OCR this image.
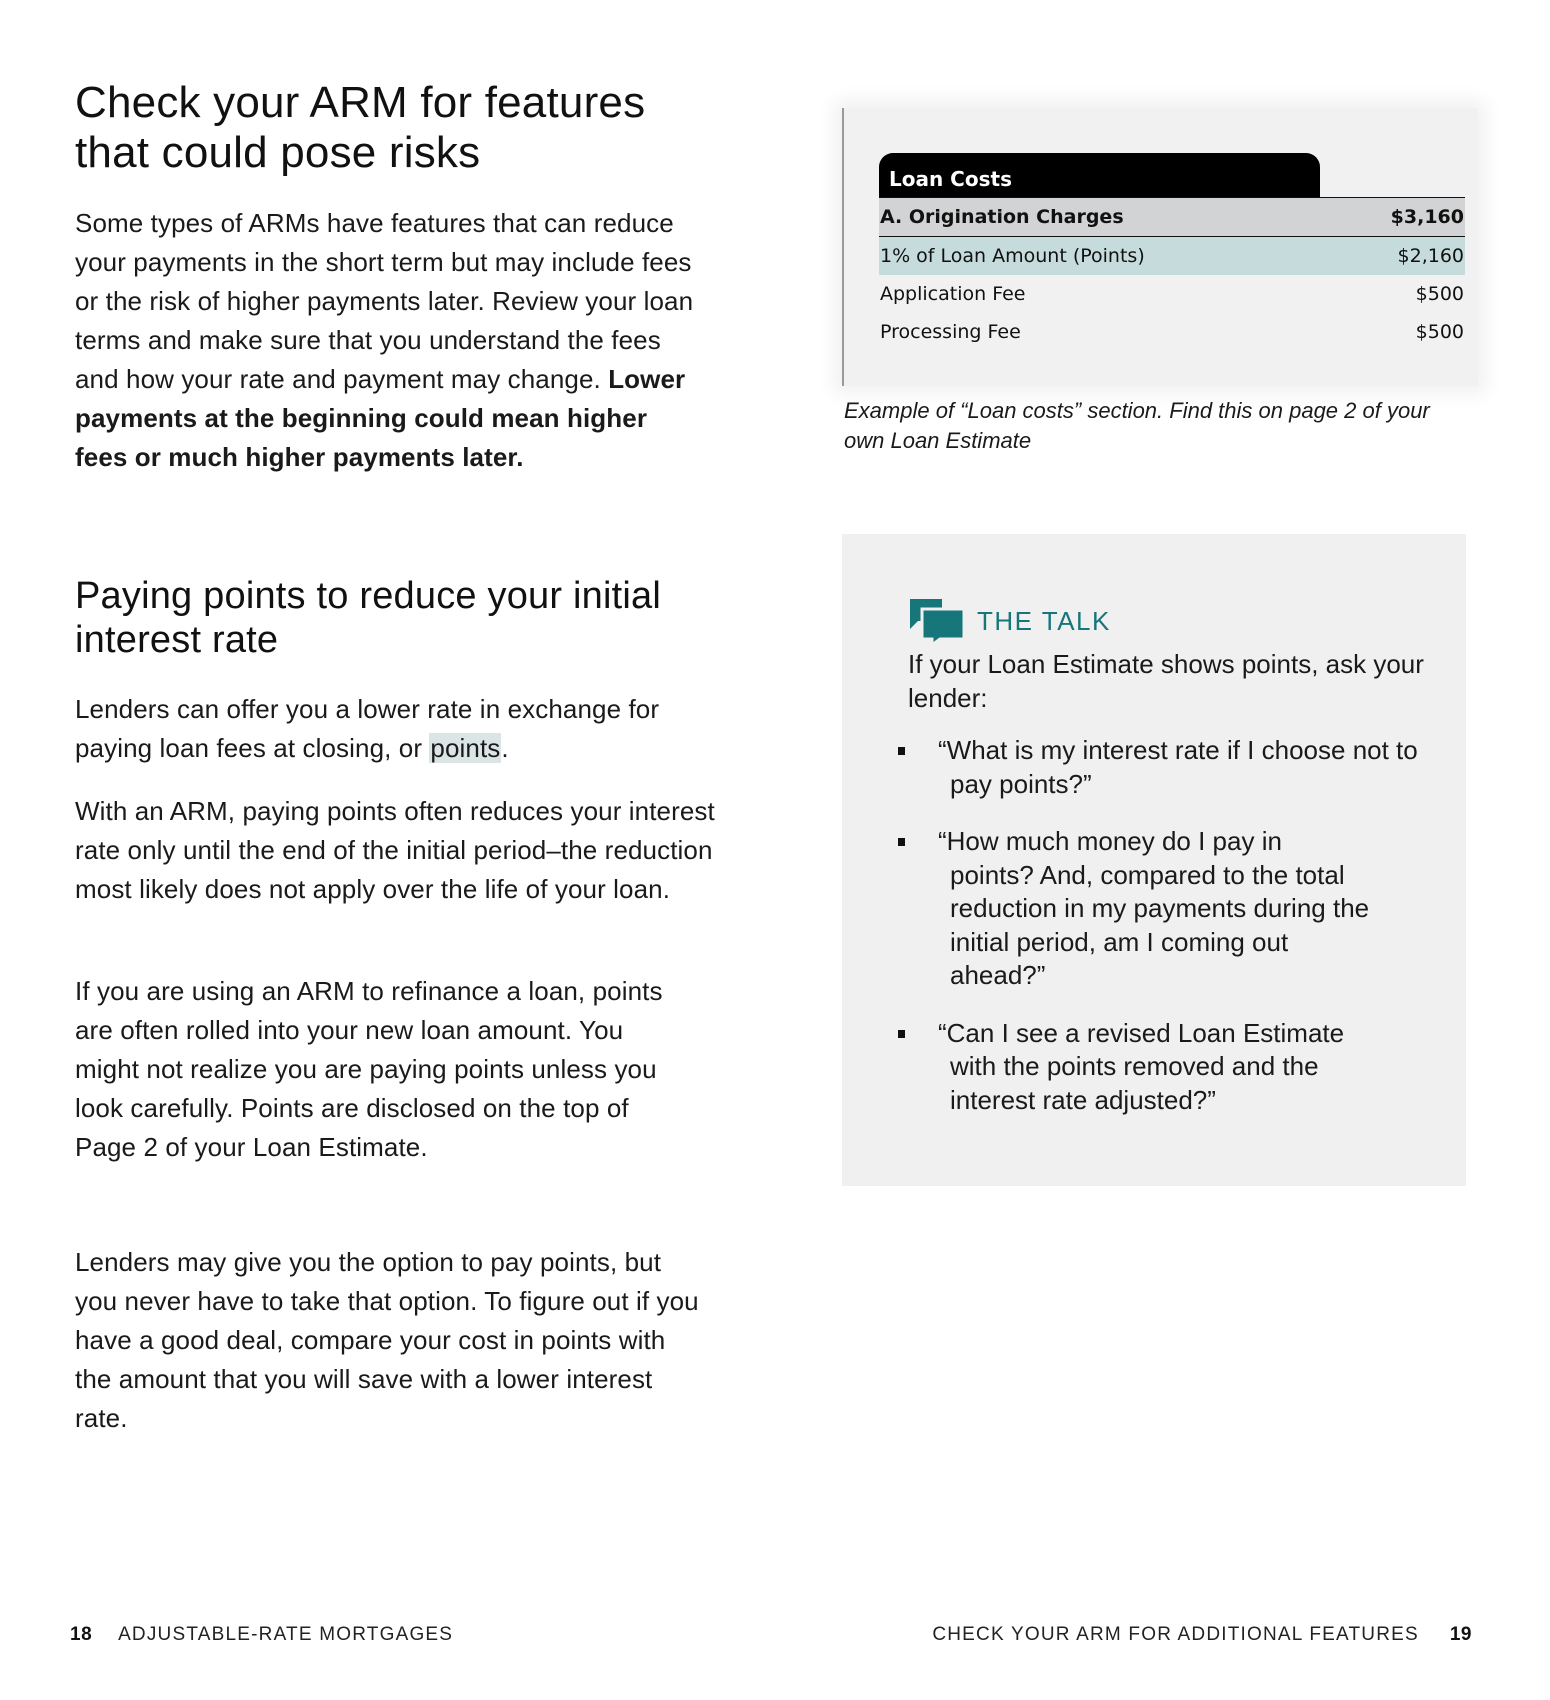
Check your ARM for features that could pose risks

Some types of ARMs have features that can reduce your payments in the short term but may include fees or the risk of higher payments later. Review your loan terms and make sure that you understand the fees and how your rate and payment may change. Lower payments at the beginning could mean higher fees or much higher payments later.

Paying points to reduce your initial interest rate

Lenders can offer you a lower rate in exchange for paying loan fees at closing, or points.

With an ARM, paying points often reduces your interest rate only until the end of the initial period–the reduction most likely does not apply over the life of your loan.

If you are using an ARM to refinance a loan, points are often rolled into your new loan amount. You might not realize you are paying points unless you look carefully. Points are disclosed on the top of Page 2 of your Loan Estimate.

Lenders may give you the option to pay points, but you never have to take that option. To figure out if you have a good deal, compare your cost in points with the amount that you will save with a lower interest rate.

Loan Costs
A. Origination Charges	$3,160
1% of Loan Amount (Points)	$2,160
Application Fee	$500
Processing Fee	$500
Example of “Loan costs” section. Find this on page 2 of your own Loan Estimate
THE TALK
If your Loan Estimate shows points, ask your lender:
“What is my interest rate if I choose not to pay points?”
“How much money do I pay in points? And, compared to the total reduction in my payments during the initial period, am I coming out ahead?”
“Can I see a revised Loan Estimate with the points removed and the interest rate adjusted?”
18 ADJUSTABLE-RATE MORTGAGES	CHECK YOUR ARM FOR ADDITIONAL FEATURES 19
